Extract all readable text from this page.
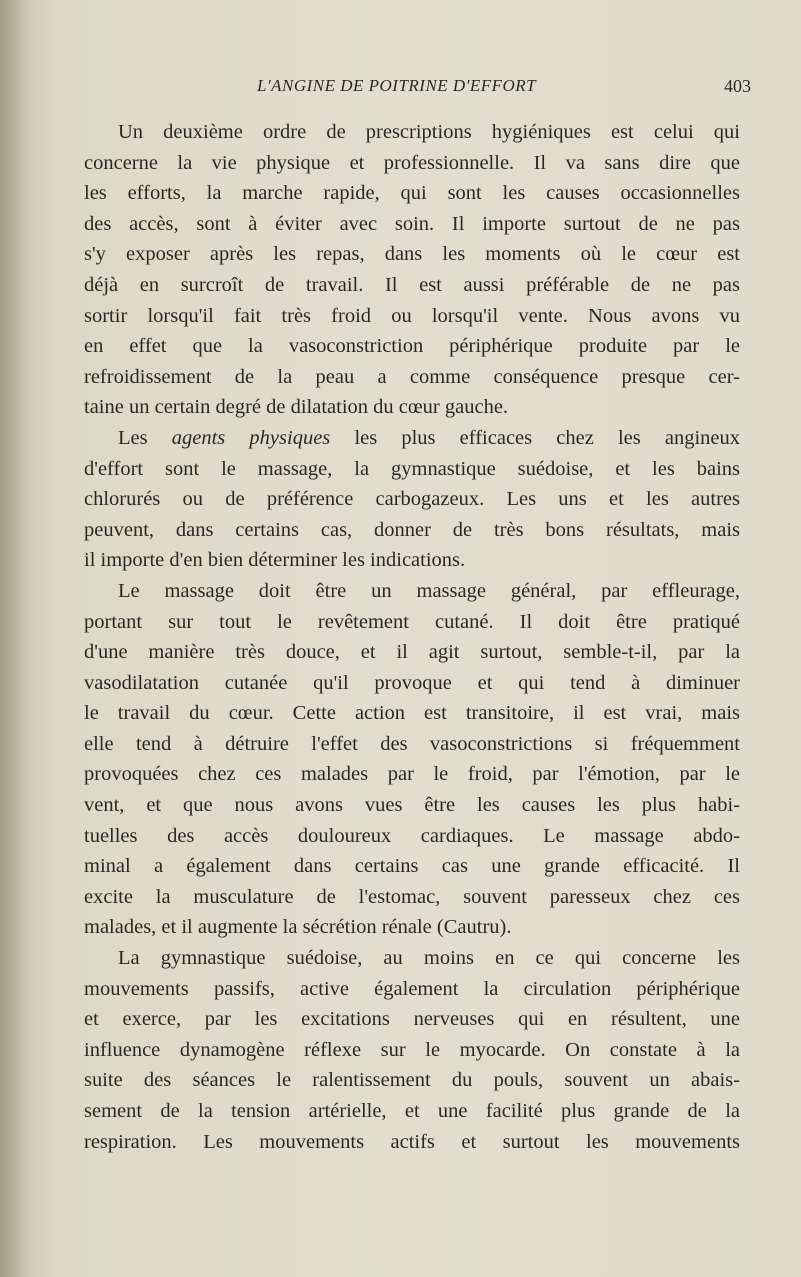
L'ANGINE DE POITRINE D'EFFORT	403
Un deuxième ordre de prescriptions hygiéniques est celui qui
concerne la vie physique et professionnelle. Il va sans dire que
les efforts, la marche rapide, qui sont les causes occasionnelles
des accès, sont à éviter avec soin. Il importe surtout de ne pas
s'y exposer après les repas, dans les moments où le cœur est
déjà en surcroît de travail. Il est aussi préférable de ne pas
sortir lorsqu'il fait très froid ou lorsqu'il vente. Nous avons vu
en effet que la vasoconstriction périphérique produite par le
refroidissement de la peau a comme conséquence presque cer-
taine un certain degré de dilatation du cœur gauche.
Les agents physiques les plus efficaces chez les angineux
d'effort sont le massage, la gymnastique suédoise, et les bains
chlorurés ou de préférence carbogazeux. Les uns et les autres
peuvent, dans certains cas, donner de très bons résultats, mais
il importe d'en bien déterminer les indications.
Le massage doit être un massage général, par effleurage,
portant sur tout le revêtement cutané. Il doit être pratiqué
d'une manière très douce, et il agit surtout, semble-t-il, par la
vasodilatation cutanée qu'il provoque et qui tend à diminuer
le travail du cœur. Cette action est transitoire, il est vrai, mais
elle tend à détruire l'effet des vasoconstrictions si fréquemment
provoquées chez ces malades par le froid, par l'émotion, par le
vent, et que nous avons vues être les causes les plus habi-
tuelles des accès douloureux cardiaques. Le massage abdo-
minal a également dans certains cas une grande efficacité. Il
excite la musculature de l'estomac, souvent paresseux chez ces
malades, et il augmente la sécrétion rénale (Cautru).
La gymnastique suédoise, au moins en ce qui concerne les
mouvements passifs, active également la circulation périphérique
et exerce, par les excitations nerveuses qui en résultent, une
influence dynamogène réflexe sur le myocarde. On constate à la
suite des séances le ralentissement du pouls, souvent un abais-
sement de la tension artérielle, et une facilité plus grande de la
respiration. Les mouvements actifs et surtout les mouvements
